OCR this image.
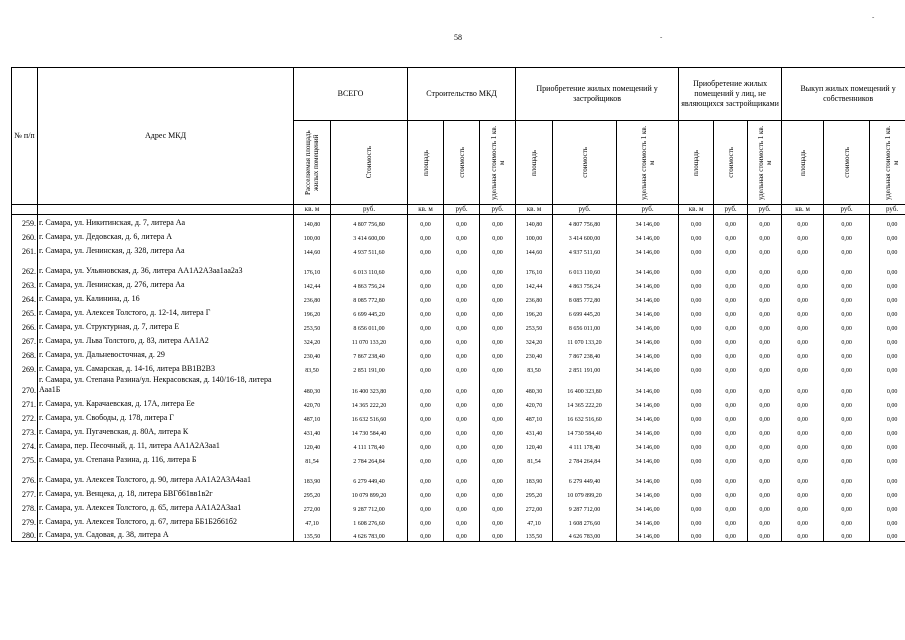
58	-
-
№ п/п	Адрес МКД	ВСЕГО		Строительство МКД			Приобретение жилых помещений у застройщиков			Приобретение жилых помещений у лиц, не являющихся застройщиками			Выкуп жилых помещений у собственников		

		Расселяемая площадь жилых помещений	Стоимость	площадь	стоимость	удельная стоимость 1 кв. м	площадь	стоимость	удельная стоимость 1 кв. м	площадь	стоимость	удельная стоимость 1 кв. м	площадь	стоимость	удельная стоимость 1 кв. м

		кв. м	руб.	кв. м	руб.	руб.	кв. м	руб.	руб.	кв. м	руб.	руб.	кв. м	руб.	руб.
259.	г. Самара, ул. Никитинская, д. 7, литера Аа	140,80	4 807 756,80	0,00	0,00	0,00	140,80	4 807 756,80	34 146,00	0,00	0,00	0,00	0,00	0,00	0,00
260.	г. Самара, ул. Дедовская, д. 6, литера А	100,00	3 414 600,00	0,00	0,00	0,00	100,00	3 414 600,00	34 146,00	0,00	0,00	0,00	0,00	0,00	0,00
261.	г. Самара, ул. Ленинская, д. 328, литера Аа	144,60	4 937 511,60	0,00	0,00	0,00	144,60	4 937 511,60	34 146,00	0,00	0,00	0,00	0,00	0,00	0,00
262.	г. Самара, ул. Ульяновская, д. 36, литера АА1А2А3аа1аа2а3	176,10	6 013 110,60	0,00	0,00	0,00	176,10	6 013 110,60	34 146,00	0,00	0,00	0,00	0,00	0,00	0,00
263.	г. Самара, ул. Ленинская, д. 276, литера Аа	142,44	4 863 756,24	0,00	0,00	0,00	142,44	4 863 756,24	34 146,00	0,00	0,00	0,00	0,00	0,00	0,00
264.	г. Самара, ул. Калинина, д. 16	236,80	8 085 772,80	0,00	0,00	0,00	236,80	8 085 772,80	34 146,00	0,00	0,00	0,00	0,00	0,00	0,00
265.	г. Самара, ул. Алексея Толстого, д. 12-14, литера Г	196,20	6 699 445,20	0,00	0,00	0,00	196,20	6 699 445,20	34 146,00	0,00	0,00	0,00	0,00	0,00	0,00
266.	г. Самара, ул. Структурная, д. 7, литера Е	253,50	8 656 011,00	0,00	0,00	0,00	253,50	8 656 011,00	34 146,00	0,00	0,00	0,00	0,00	0,00	0,00
267.	г. Самара, ул. Льва Толстого, д. 83, литера АА1А2	324,20	11 070 133,20	0,00	0,00	0,00	324,20	11 070 133,20	34 146,00	0,00	0,00	0,00	0,00	0,00	0,00
268.	г. Самара, ул. Дальневосточная, д. 29	230,40	7 867 238,40	0,00	0,00	0,00	230,40	7 867 238,40	34 146,00	0,00	0,00	0,00	0,00	0,00	0,00
269.	г. Самара, ул. Самарская, д. 14-16, литера ВВ1В2В3	83,50	2 851 191,00	0,00	0,00	0,00	83,50	2 851 191,00	34 146,00	0,00	0,00	0,00	0,00	0,00	0,00
270.	г. Самара, ул. Степана Разина/ул. Некрасовская, д. 140/16-18, литера Ааа1Б	480,30	16 400 323,80	0,00	0,00	0,00	480,30	16 400 323,80	34 146,00	0,00	0,00	0,00	0,00	0,00	0,00
271.	г. Самара, ул. Карачаевская, д. 17А, литера Ее	420,70	14 365 222,20	0,00	0,00	0,00	420,70	14 365 222,20	34 146,00	0,00	0,00	0,00	0,00	0,00	0,00
272.	г. Самара, ул. Свободы, д. 178, литера Г	487,10	16 632 516,60	0,00	0,00	0,00	487,10	16 632 516,60	34 146,00	0,00	0,00	0,00	0,00	0,00	0,00
273.	г. Самара, ул. Пугачевская, д. 80А, литера К	431,40	14 730 584,40	0,00	0,00	0,00	431,40	14 730 584,40	34 146,00	0,00	0,00	0,00	0,00	0,00	0,00
274.	г. Самара, пер. Песочный, д. 11, литера АА1А2А3аа1	120,40	4 111 178,40	0,00	0,00	0,00	120,40	4 111 178,40	34 146,00	0,00	0,00	0,00	0,00	0,00	0,00
275.	г. Самара, ул. Степана Разина, д. 116, литера Б	81,54	2 784 264,84	0,00	0,00	0,00	81,54	2 784 264,84	34 146,00	0,00	0,00	0,00	0,00	0,00	0,00
276.	г. Самара, ул. Алексея Толстого, д. 90, литера АА1А2А3А4аа1	183,90	6 279 449,40	0,00	0,00	0,00	183,90	6 279 449,40	34 146,00	0,00	0,00	0,00	0,00	0,00	0,00
277.	г. Самара, ул. Венцека, д. 18, литера БВГб61вв1в2г	295,20	10 079 899,20	0,00	0,00	0,00	295,20	10 079 899,20	34 146,00	0,00	0,00	0,00	0,00	0,00	0,00
278.	г. Самара, ул. Алексея Толстого, д. 65, литера АА1А2А3аа1	272,00	9 287 712,00	0,00	0,00	0,00	272,00	9 287 712,00	34 146,00	0,00	0,00	0,00	0,00	0,00	0,00
279.	г. Самара, ул. Алексея Толстого, д. 67, литера ББ1Б2б61б2	47,10	1 608 276,60	0,00	0,00	0,00	47,10	1 608 276,60	34 146,00	0,00	0,00	0,00	0,00	0,00	0,00
280.	г. Самара, ул. Садовая, д. 38, литера А	135,50	4 626 783,00	0,00	0,00	0,00	135,50	4 626 783,00	34 146,00	0,00	0,00	0,00	0,00	0,00	0,00
